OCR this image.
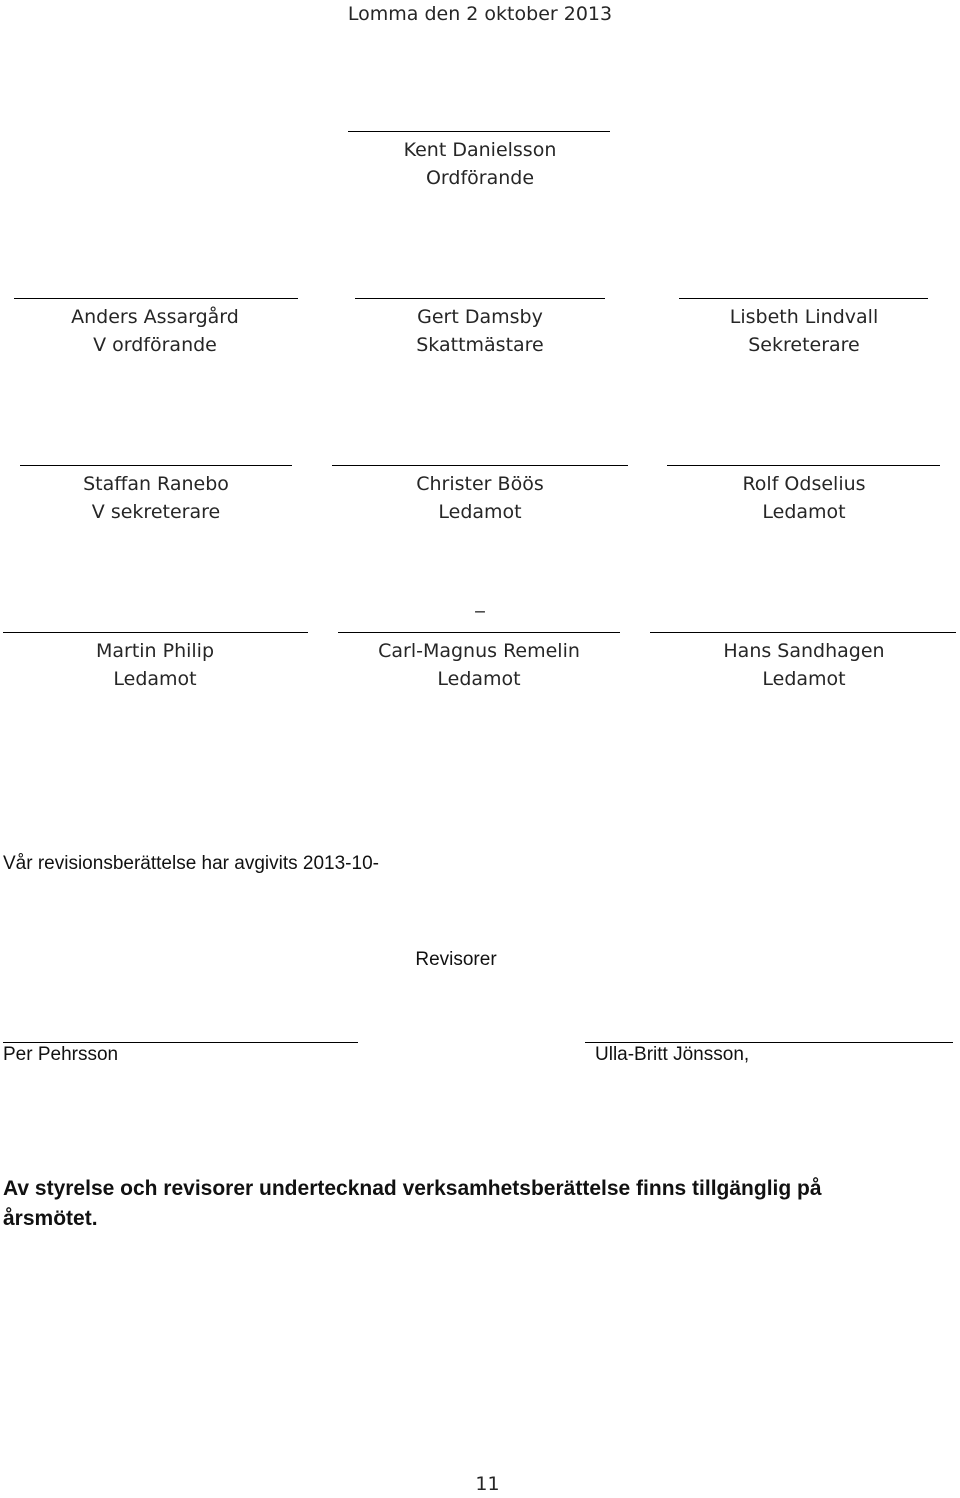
Lomma den 2 oktober 2013
Kent Danielsson
Ordförande
Anders Assargård
V ordförande
Gert Damsby
Skattmästare
Lisbeth Lindvall
Sekreterare
Staffan Ranebo
V sekreterare
Christer Böös
Ledamot
Rolf Odselius
Ledamot
_
Martin Philip
Ledamot
Carl-Magnus Remelin
Ledamot
Hans Sandhagen
Ledamot
Vår revisionsberättelse har avgivits 2013-10-
Revisorer
Per Pehrsson	Ulla-Britt Jönsson,
Av styrelse och revisorer undertecknad verksamhetsberättelse finns tillgänglig på årsmötet.
11
